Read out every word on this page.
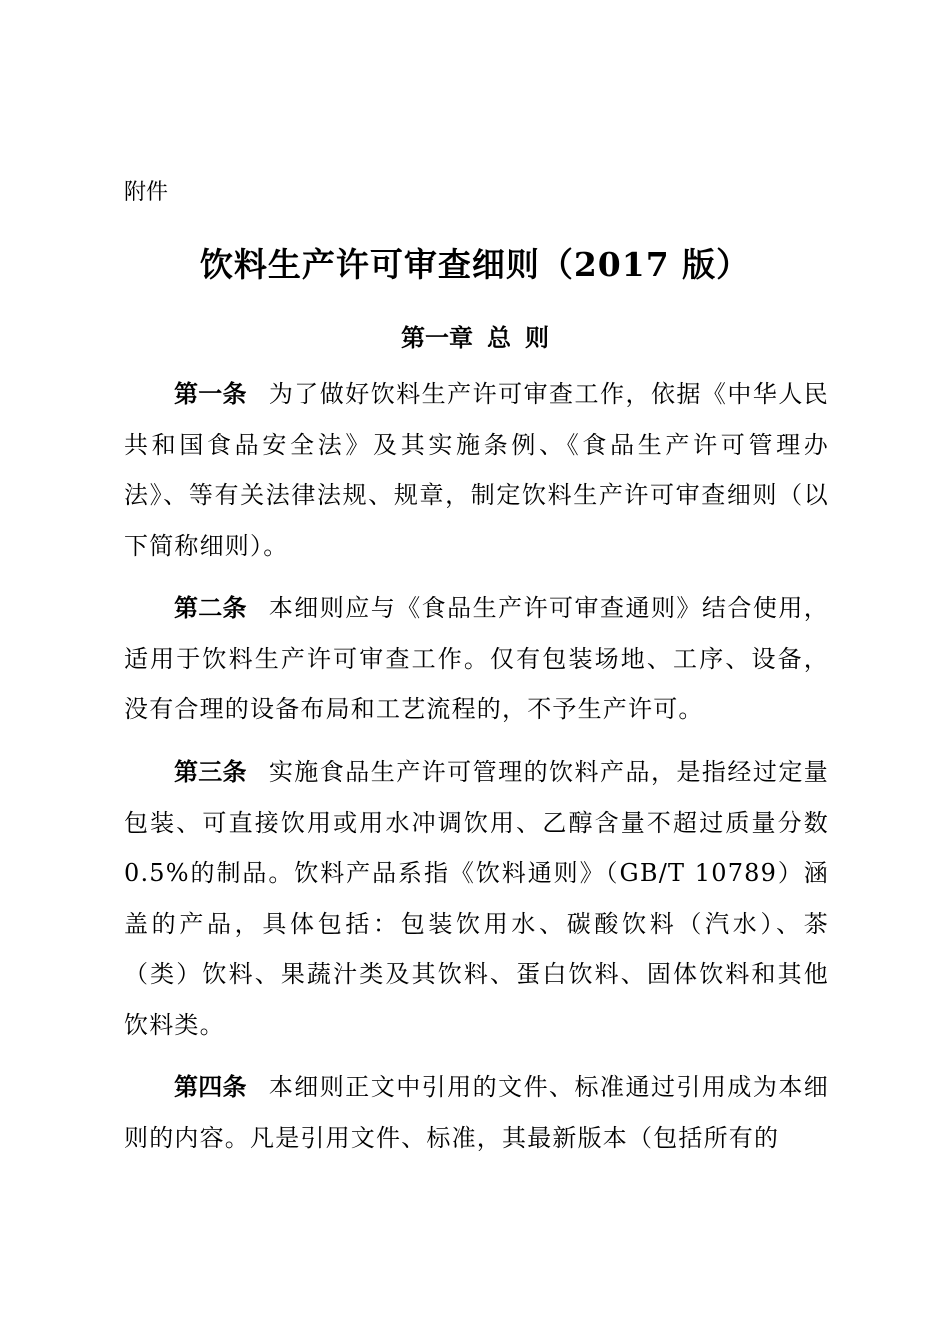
附件
饮料生产许可审查细则（2017 版）
第一章 总 则

第一条 为了做好饮料生产许可审查工作，依据《中华人民共和国食品安全法》及其实施条例、《食品生产许可管理办法》、等有关法律法规、规章，制定饮料生产许可审查细则（以下简称细则）。

第二条 本细则应与《食品生产许可审查通则》结合使用，适用于饮料生产许可审查工作。仅有包装场地、工序、设备，没有合理的设备布局和工艺流程的，不予生产许可。

第三条 实施食品生产许可管理的饮料产品，是指经过定量包装、可直接饮用或用水冲调饮用、乙醇含量不超过质量分数 0.5%的制品。饮料产品系指《饮料通则》（GB/T 10789）涵盖的产品，具体包括：包装饮用水、碳酸饮料（汽水）、茶（类）饮料、果蔬汁类及其饮料、蛋白饮料、固体饮料和其他饮料类。

第四条 本细则正文中引用的文件、标准通过引用成为本细则的内容。凡是引用文件、标准，其最新版本（包括所有的
